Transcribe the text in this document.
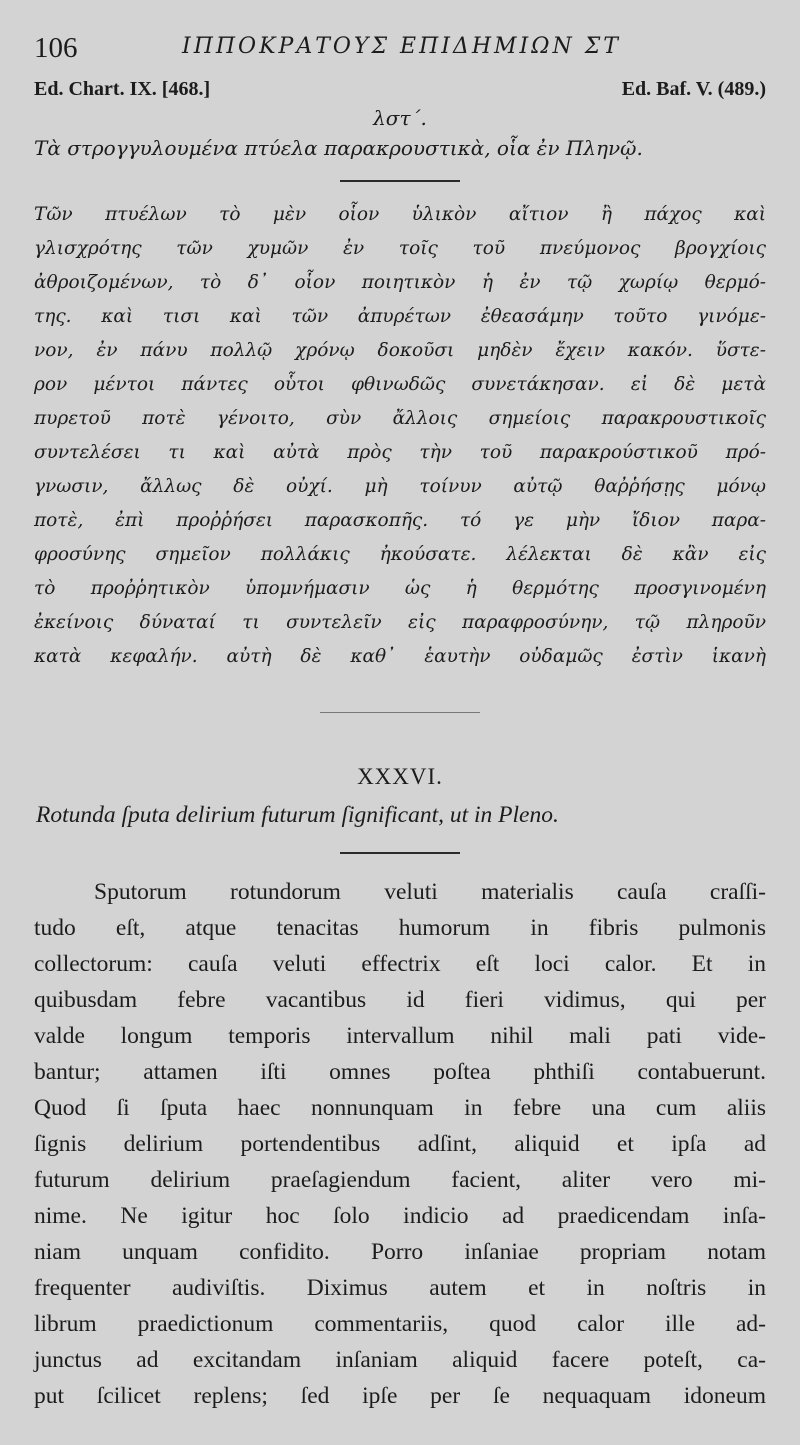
106	ΙΠΠΟΚΡΑΤΟΥΣ ΕΠΙΔΗΜΙΩΝ ΣΤ
Ed. Chart. IX. [468.]	Ed. Baf. V. (489.)
λστ΄.
Τὰ στρογγυλουμένα πτύελα παρακρουστικὰ, οἷα ἐν Πληνῷ.
Τῶν πτυέλων τὸ μὲν οἷον ὑλικὸν αἴτιον ἢ πάχος καὶ
γλισχρότης τῶν χυμῶν ἐν τοῖς τοῦ πνεύμονος βρογχίοις
ἀθροιζομένων, τὸ δ᾽ οἷον ποιητικὸν ἡ ἐν τῷ χωρίῳ θερμό-
της. καὶ τισι καὶ τῶν ἀπυρέτων ἐθεασάμην τοῦτο γινόμε-
νον, ἐν πάνυ πολλῷ χρόνῳ δοκοῦσι μηδὲν ἔχειν κακόν. ὕστε-
ρον μέντοι πάντες οὗτοι φθινωδῶς συνετάκησαν. εἰ δὲ μετὰ
πυρετοῦ ποτὲ γένοιτο, σὺν ἄλλοις σημείοις παρακρουστικοῖς
συντελέσει τι καὶ αὐτὰ πρὸς τὴν τοῦ παρακρούστικοῦ πρό-
γνωσιν, ἄλλως δὲ οὐχί. μὴ τοίνυν αὐτῷ θαῤῥήσῃς μόνῳ
ποτὲ, ἐπὶ προῤῥήσει παρασκοπῆς. τό γε μὴν ἴδιον παρα-
φροσύνης σημεῖον πολλάκις ἠκούσατε. λέλεκται δὲ κἂν εἰς
τὸ προῤῥητικὸν ὑπομνήμασιν ὡς ἡ θερμότης προσγινομένη
ἐκείνοις δύναταί τι συντελεῖν εἰς παραφροσύνην, τῷ πληροῦν
κατὰ κεφαλήν. αὐτὴ δὲ καθ᾽ ἑαυτὴν οὐδαμῶς ἐστὶν ἱκανὴ
XXXVI.
Rotunda ſputa delirium futurum ſignificant, ut in Pleno.
Sputorum rotundorum veluti materialis cauſa craſſi-
tudo eſt, atque tenacitas humorum in fibris pulmonis
collectorum: cauſa veluti effectrix eſt loci calor. Et in
quibusdam febre vacantibus id fieri vidimus, qui per
valde longum temporis intervallum nihil mali pati vide-
bantur; attamen iſti omnes poſtea phthiſi contabuerunt.
Quod ſi ſputa haec nonnunquam in febre una cum aliis
ſignis delirium portendentibus adſint, aliquid et ipſa ad
futurum delirium praeſagiendum facient, aliter vero mi-
nime. Ne igitur hoc ſolo indicio ad praedicendam inſa-
niam unquam confidito. Porro inſaniae propriam notam
frequenter audiviſtis. Diximus autem et in noſtris in
librum praedictionum commentariis, quod calor ille ad-
junctus ad excitandam inſaniam aliquid facere poteſt, ca-
put ſcilicet replens; ſed ipſe per ſe nequaquam idoneum
